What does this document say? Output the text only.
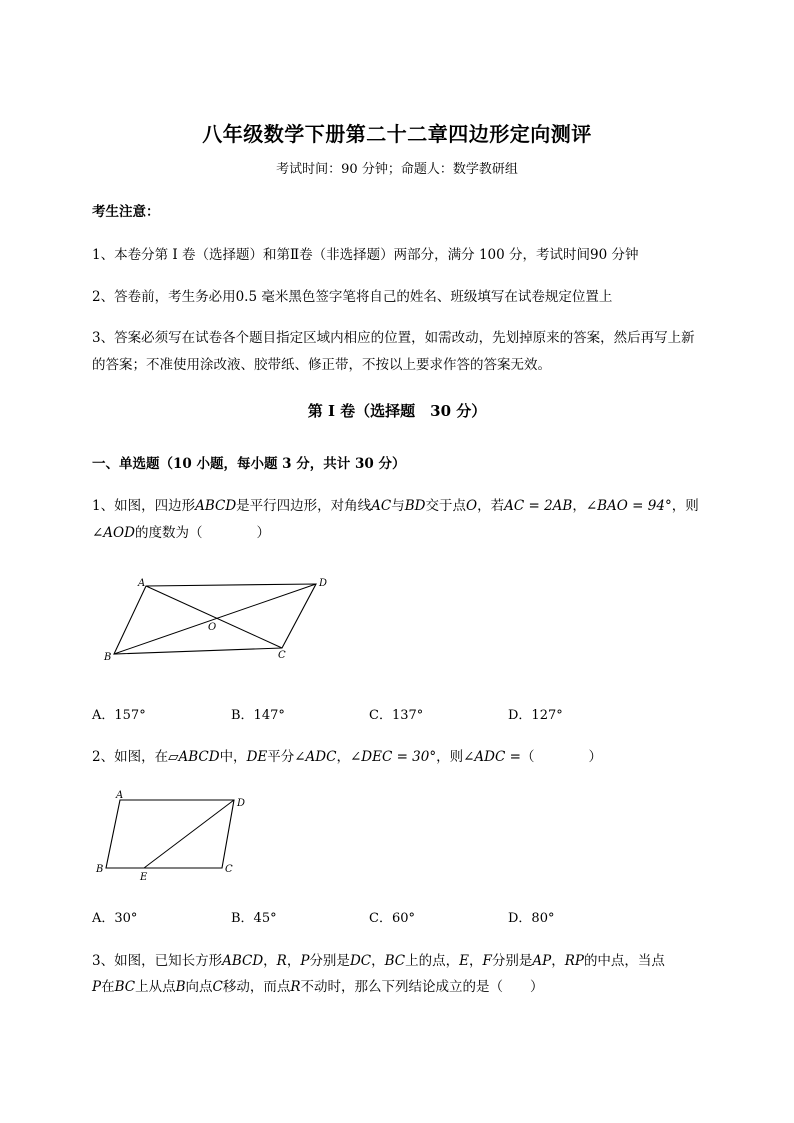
八年级数学下册第二十二章四边形定向测评
考试时间：90 分钟；命题人：数学教研组
考生注意：
1、本卷分第 I 卷（选择题）和第Ⅱ卷（非选择题）两部分，满分 100 分，考试时间90 分钟
2、答卷前，考生务必用0.5 毫米黑色签字笔将自己的姓名、班级填写在试卷规定位置上
3、答案必须写在试卷各个题目指定区域内相应的位置，如需改动，先划掉原来的答案，然后再写上新
的答案；不准使用涂改液、胶带纸、修正带，不按以上要求作答的答案无效。
第 I 卷（选择题　30 分）
一、单选题（10 小题，每小题 3 分，共计 30 分）
1、如图，四边形ABCD是平行四边形，对角线AC与BD交于点O，若AC = 2AB，∠BAO = 94°，则
∠AOD的度数为（　　　　）
A	D
B	C
O
A．157°	B．147°	C．137°	D．127°
2、如图，在▱ABCD中，DE平分∠ADC，∠DEC = 30°，则∠ADC =（　　　　）
A
D
B	C
E
A．30°	B．45°	C．60°	D．80°
3、如图，已知长方形ABCD，R，P分别是DC，BC上的点，E，F分别是AP，RP的中点，当点
P在BC上从点B向点C移动，而点R不动时，那么下列结论成立的是（　　）
